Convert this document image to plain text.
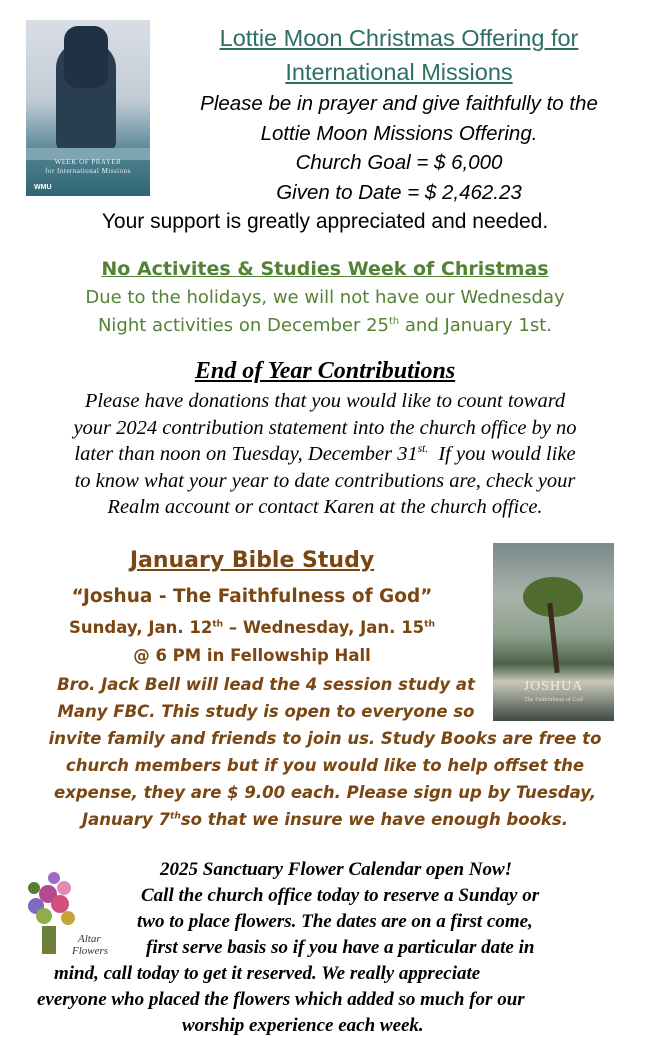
WEEK OF PRAYER
for International Missions
WMU
Lottie Moon Christmas Offering for
International Missions
Please be in prayer and give faithfully to the
Lottie Moon Missions Offering.
Church Goal = $ 6,000
Given to Date = $ 2,462.23
Your support is greatly appreciated and needed.
No Activites & Studies Week of Christmas
Due to the holidays, we will not have our Wednesday
Night activities on December 25th and January 1st.
End of Year Contributions
Please have donations that you would like to count toward
your 2024 contribution statement into the church office by no
later than noon on Tuesday, December $31^{st.}$  If you would like
to know what your year to date contributions are, check your
Realm account or contact Karen at the church office.
January Bible Study
“Joshua - The Faithfulness of God”
Sunday, Jan. 12th – Wednesday, Jan. 15th
@ 6 PM in Fellowship Hall
Bro. Jack Bell will lead the 4 session study at
Many FBC. This study is open to everyone so
invite family and friends to join us. Study Books are free to
church members but if you would like to help offset the
expense, they are $ 9.00 each. Please sign up by Tuesday,
January 7thso that we insure we have enough books.
JOSHUA
The Faithfulness of God
Altar
Flowers
2025 Sanctuary Flower Calendar open Now!
Call the church office today to reserve a Sunday or
two to place flowers. The dates are on a first come,
first serve basis so if you have a particular date in
mind, call today to get it reserved. We really appreciate
everyone who placed the flowers which added so much for our
worship experience each week.
